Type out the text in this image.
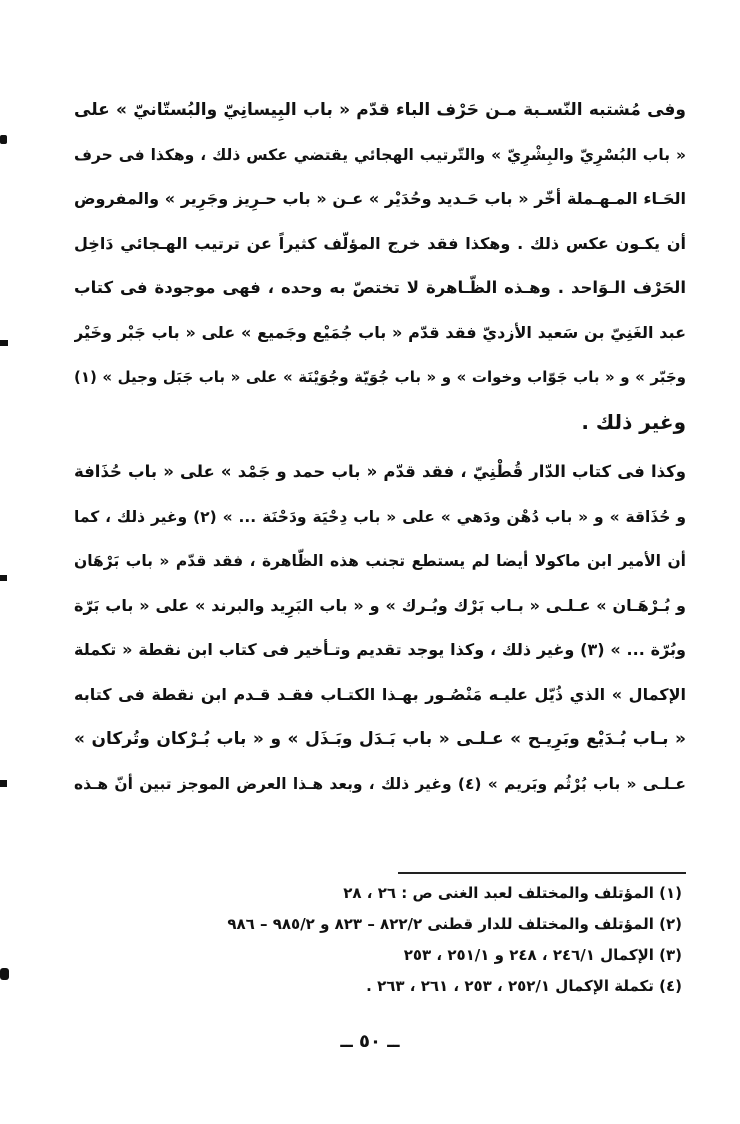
وفى مُشتبه النّسـبة مـن حَرْف الباء قدّم « باب البِيسانِيّ والبُستّانيّ » على
« باب البُسْرِيّ والبِشْرِيّ » والتّرتيب الهجائي يقتضي عكس ذلك ، وهكذا فى حرف
الحَـاء المـهـملة أخّر « باب حَـديد وحُدَيْر » عـن « باب حـرِيز وجَرِير » والمفروض
أن يكـون عكس ذلك . وهكذا فقد خرج المؤلّف كثيراً عن ترتيب الهـجائي دَاخِل
الحَرْف الـوَاحد . وهـذه الظّـاهرة لا تختصّ به وحده ، فهى موجودة فى كتاب
عبد الغَنِيّ بن سَعيد الأزديّ فقد قدّم « باب جُمَيْع وجَميع » على « باب جَبْر وخَيْر
وجَبّر » و « باب جَوّاب وخوات » و « باب جُوَيّة وجُوَيْنَة » على « باب جَبَل وجيل » (١)
وغير ذلك .
وكذا فى كتاب الدّار قُطْنِيّ ، فقد قدّم « باب حمد و جَمْد » على « باب حُذَافة
و حُذَاقة » و « باب دُهْن ودَهي » على « باب دِحْيَة ودَحْنَة ... » (٢) وغير ذلك ، كما
أن الأمير ابن ماكولا أيضا لم يستطع تجنب هذه الظّاهرة ، فقد قدّم « باب بَرْهَان
و بُـرْهَـان » عـلـى « بـاب بَرْك وبُـرك » و « باب البَرِيد والبرند » على « باب بَرّة
وبُرّة ... » (٣) وغير ذلك ، وكذا يوجد تقديم وتـأخير فى كتاب ابن نقطة « تكملة
الإكمال » الذي ذُيّل عليـه مَنْصُـور بهـذا الكتـاب فقـد قـدم ابن نقطة فى كتابه
« بـاب بُـدَيْع وبَرِيـح » عـلـى « باب بَـدَل وبَـذَل » و « باب بُـرْكان وتُركان »
عـلـى « باب بُرْثُم وبَريم » (٤) وغير ذلك ، وبعد هـذا العرض الموجز تبين أنّ هـذه
(١) المؤتلف والمختلف لعبد الغنى ص : ٢٦ ، ٢٨
(٢) المؤتلف والمختلف للدار قطنى ٨٢٢/٢ – ٨٢٣ و ٩٨٥/٢ – ٩٨٦
(٣) الإكمال ٢٤٦/١ ، ٢٤٨ و ٢٥١/١ ، ٢٥٣
(٤) تكملة الإكمال ٢٥٢/١ ، ٢٥٣ ، ٢٦١ ، ٢٦٣ .
ــ ٥٠ ــ
